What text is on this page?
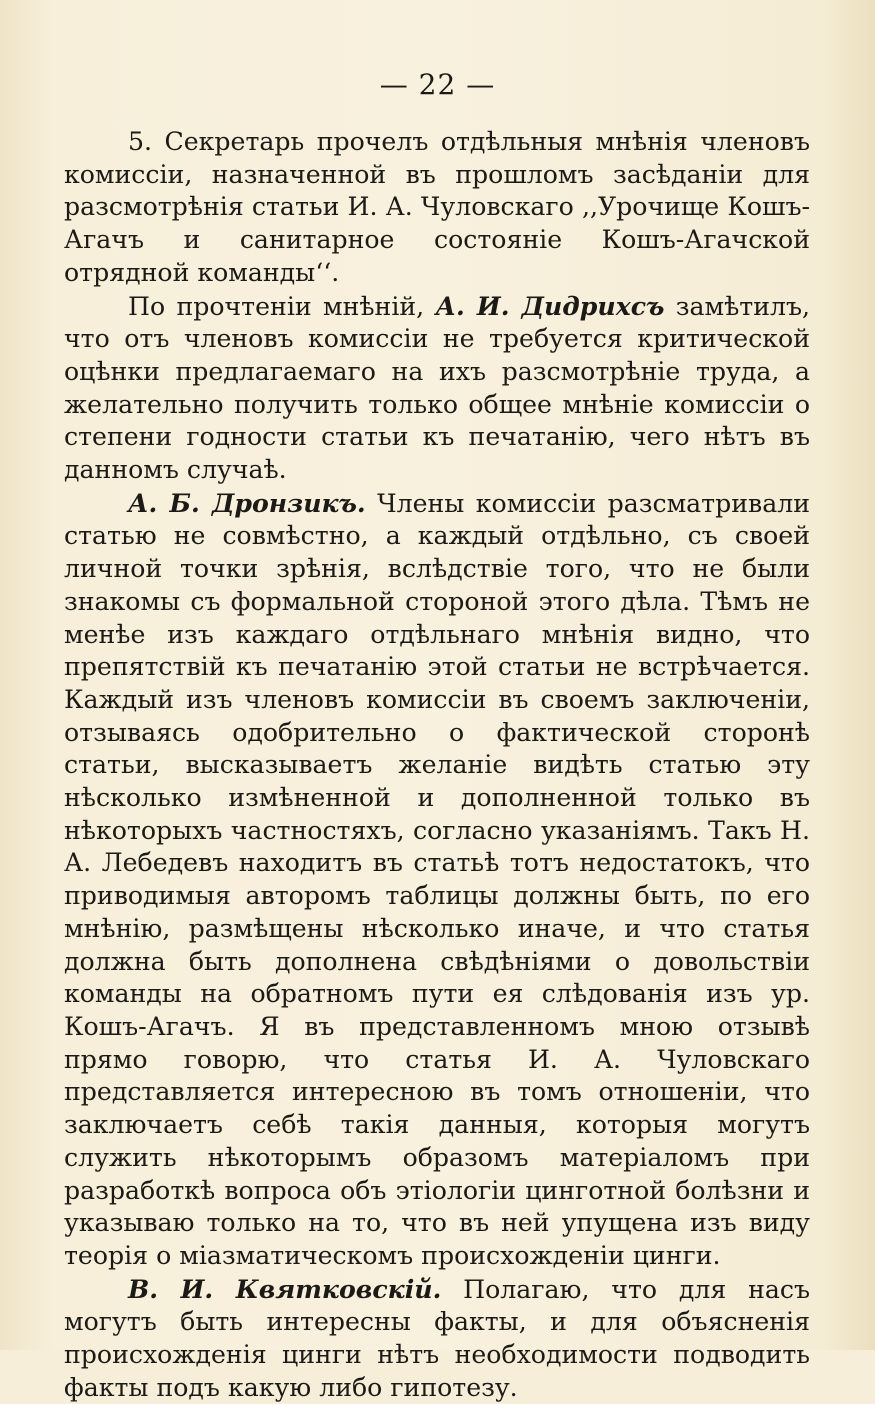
— 22 —

5. Секретарь прочелъ отдѣльныя мнѣнія членовъ комиссіи, назначенной въ прошломъ засѣданіи для разсмотрѣнія статьи И. А. Чуловскаго ,,Урочище Кошъ-Агачъ и санитарное состояніе Кошъ-Агачской отрядной команды‘‘.

По прочтеніи мнѣній, А. И. Дидрихсъ замѣтилъ, что отъ членовъ комиссіи не требуется критической оцѣнки предлагаемаго на ихъ разсмотрѣніе труда, а желательно получить только общее мнѣніе комиссіи о степени годности статьи къ печатанію, чего нѣтъ въ данномъ случаѣ.

А. Б. Дронзикъ. Члены комиссіи разсматривали статью не совмѣстно, а каждый отдѣльно, съ своей личной точки зрѣнія, вслѣдствіе того, что не были знакомы съ формальной стороной этого дѣла. Тѣмъ не менѣе изъ каждаго отдѣльнаго мнѣнія видно, что препятствій къ печатанію этой статьи не встрѣчается. Каждый изъ членовъ комиссіи въ своемъ заключеніи, отзываясь одобрительно о фактической сторонѣ статьи, высказываетъ желаніе видѣть статью эту нѣсколько измѣненной и дополненной только въ нѣкоторыхъ частностяхъ, согласно указаніямъ. Такъ Н. А. Лебедевъ находитъ въ статьѣ тотъ недостатокъ, что приводимыя авторомъ таблицы должны быть, по его мнѣнію, размѣщены нѣсколько иначе, и что статья должна быть дополнена свѣдѣніями о довольствіи команды на обратномъ пути ея слѣдованія изъ ур. Кошъ-Агачъ. Я въ представленномъ мною отзывѣ прямо говорю, что статья И. А. Чуловскаго представляется интересною въ томъ отношеніи, что заключаетъ себѣ такія данныя, которыя могутъ служить нѣкоторымъ образомъ матеріаломъ при разработкѣ вопроса объ этіологіи цинготной болѣзни и указываю только на то, что въ ней упущена изъ виду теорія о міазматическомъ происхожденіи цинги.

В. И. Квятковскій. Полагаю, что для насъ могутъ быть интересны факты, и для объясненія происхожденія цинги нѣтъ необходимости подводить факты подъ какую либо гипотезу.
